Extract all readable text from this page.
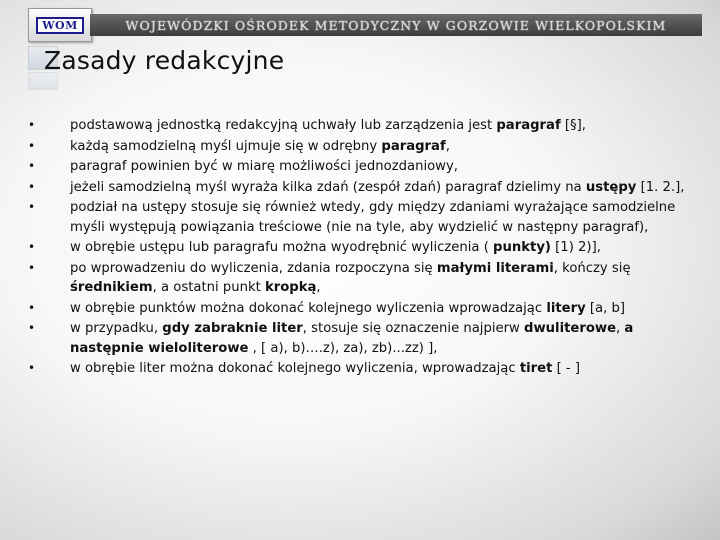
WOM	WOJEWÓDZKI OŚRODEK METODYCZNY W GORZOWIE WIELKOPOLSKIM
Zasady redakcyjne
•	podstawową jednostką redakcyjną uchwały lub zarządzenia jest paragraf [§],
•	każdą samodzielną myśl ujmuje się w odrębny paragraf,
•	paragraf powinien być w miarę możliwości jednozdaniowy,
•	jeżeli samodzielną myśl wyraża kilka zdań (zespół zdań) paragraf dzielimy na ustępy [1. 2.],
•	podział na ustępy stosuje się również wtedy, gdy między zdaniami wyrażające samodzielne myśli występują powiązania treściowe (nie na tyle, aby wydzielić w następny paragraf),
•	w obrębie ustępu lub paragrafu można wyodrębnić wyliczenia ( punkty) [1) 2)],
•	po wprowadzeniu do wyliczenia, zdania rozpoczyna się małymi literami, kończy się średnikiem, a ostatni punkt kropką,
•	w obrębie punktów można dokonać kolejnego wyliczenia wprowadzając litery [a, b]
•	w przypadku, gdy zabraknie liter, stosuje się oznaczenie najpierw dwuliterowe, a następnie wieloliterowe , [ a), b)….z), za), zb)...zz) ],
•	w obrębie liter można dokonać kolejnego wyliczenia, wprowadzając tiret [ - ]
